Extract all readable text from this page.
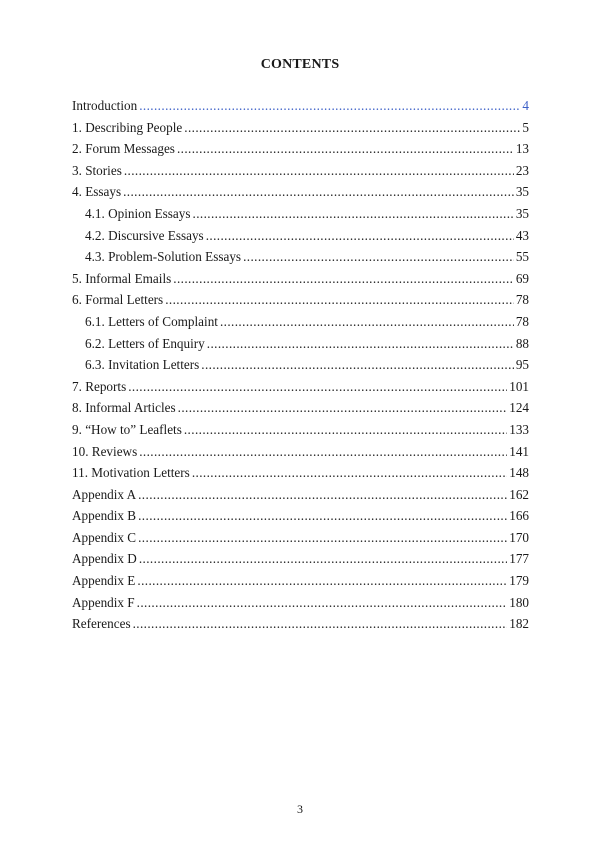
CONTENTS
Introduction .....	4
1. Describing People .....	5
2. Forum Messages .....	13
3. Stories .....	23
4. Essays .....	35
4.1. Opinion Essays .....	35
4.2. Discursive Essays .....	43
4.3. Problem-Solution Essays .....	55
5. Informal Emails .....	69
6. Formal Letters .....	78
6.1. Letters of Complaint .....	78
6.2. Letters of Enquiry .....	88
6.3. Invitation Letters .....	95
7. Reports .....	101
8. Informal Articles .....	124
9. “How to” Leaflets .....	133
10. Reviews .....	141
11. Motivation Letters .....	148
Appendix A .....	162
Appendix B .....	166
Appendix C .....	170
Appendix D .....	177
Appendix E .....	179
Appendix F .....	180
References .....	182
3
